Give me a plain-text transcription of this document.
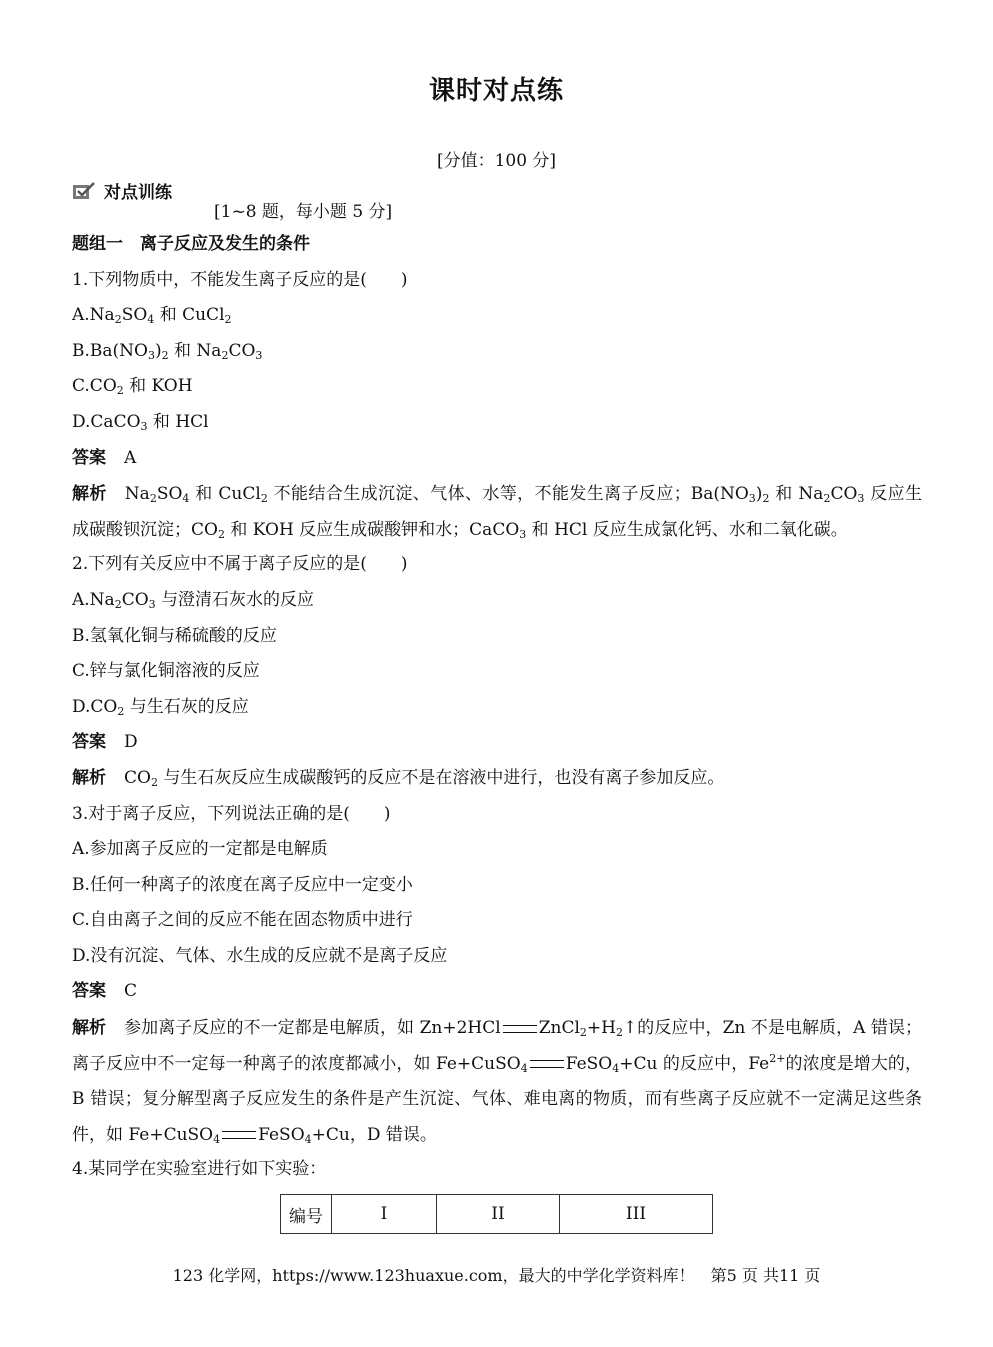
课时对点练
[分值：100 分]
对点训练
[1~8 题，每小题 5 分]
题组一　离子反应及发生的条件
1.下列物质中，不能发生离子反应的是(　　)
$A.Na_2SO_4$ 和 CuCl$_2$
$B.Ba(NO_3)_2$ 和 $Na_2CO_3$
$C.CO_2$ 和 KOH
D.CaCO$_3$ 和 HCl
答案 A
解析 $Na_2SO_4$ 和 CuCl$_2$ 不能结合生成沉淀、气体、水等，不能发生离子反应；$Ba(NO_3)_2$ 和 $Na_2CO_3$ 反应生成碳酸钡沉淀；$CO_2$ 和 KOH 反应生成碳酸钾和水；CaCO$_3$ 和 HCl 反应生成氯化钙、水和二氧化碳。
2.下列有关反应中不属于离子反应的是(　　)
$A.Na_2CO_3$ 与澄清石灰水的反应
B.氢氧化铜与稀硫酸的反应
C.锌与氯化铜溶液的反应
$D.CO_2$ 与生石灰的反应
答案 D
解析 $CO_2$ 与生石灰反应生成碳酸钙的反应不是在溶液中进行，也没有离子参加反应。
3.对于离子反应，下列说法正确的是(　　)
A.参加离子反应的一定都是电解质
B.任何一种离子的浓度在离子反应中一定变小
C.自由离子之间的反应不能在固态物质中进行
D.没有沉淀、气体、水生成的反应就不是离子反应
答案 C
解析 参加离子反应的不一定都是电解质，如 Zn+2HCl $ZnCl_2+H_2↑$的反应中，Zn 不是电解质，A 错误；离子反应中不一定每一种离子的浓度都减小，如 Fe+CuSO$_4$ FeSO$_4$+Cu 的反应中，$Fe^{2+}$的浓度是增大的，B 错误；复分解型离子反应发生的条件是产生沉淀、气体、难电离的物质，而有些离子反应就不一定满足这些条件，如 Fe+CuSO$_4$ FeSO$_4$+Cu，D 错误。
4.某同学在实验室进行如下实验：
编号	I	II	III
123 化学网，https://www.123huaxue.com，最大的中学化学资料库！　第5 页 共11 页
